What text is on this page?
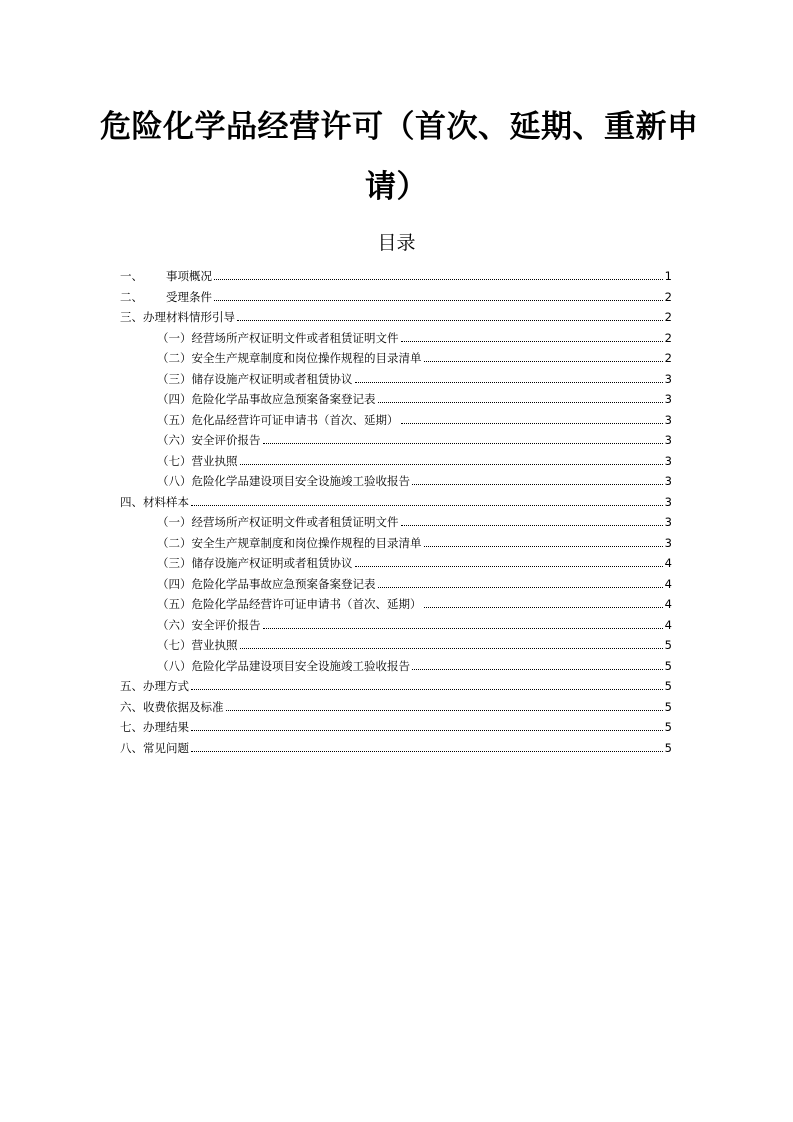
危险化学品经营许可（首次、延期、重新申
请）
目录
一、	事项概况	1
二、	受理条件	2
三、 办理材料情形引导	2
（一）经营场所产权证明文件或者租赁证明文件	2
（二）安全生产规章制度和岗位操作规程的目录清单	2
（三）储存设施产权证明或者租赁协议	3
（四）危险化学品事故应急预案备案登记表	3
（五）危化品经营许可证申请书（首次、延期）	3
（六）安全评价报告	3
（七）营业执照	3
（八）危险化学品建设项目安全设施竣工验收报告	3
四、 材料样本	3
（一）经营场所产权证明文件或者租赁证明文件	3
（二）安全生产规章制度和岗位操作规程的目录清单	3
（三）储存设施产权证明或者租赁协议	4
（四）危险化学品事故应急预案备案登记表	4
（五）危险化学品经营许可证申请书（首次、延期）	4
（六）安全评价报告	4
（七）营业执照	5
（八）危险化学品建设项目安全设施竣工验收报告	5
五、 办理方式	5
六、 收费依据及标准	5
七、 办理结果	5
八、 常见问题	5
